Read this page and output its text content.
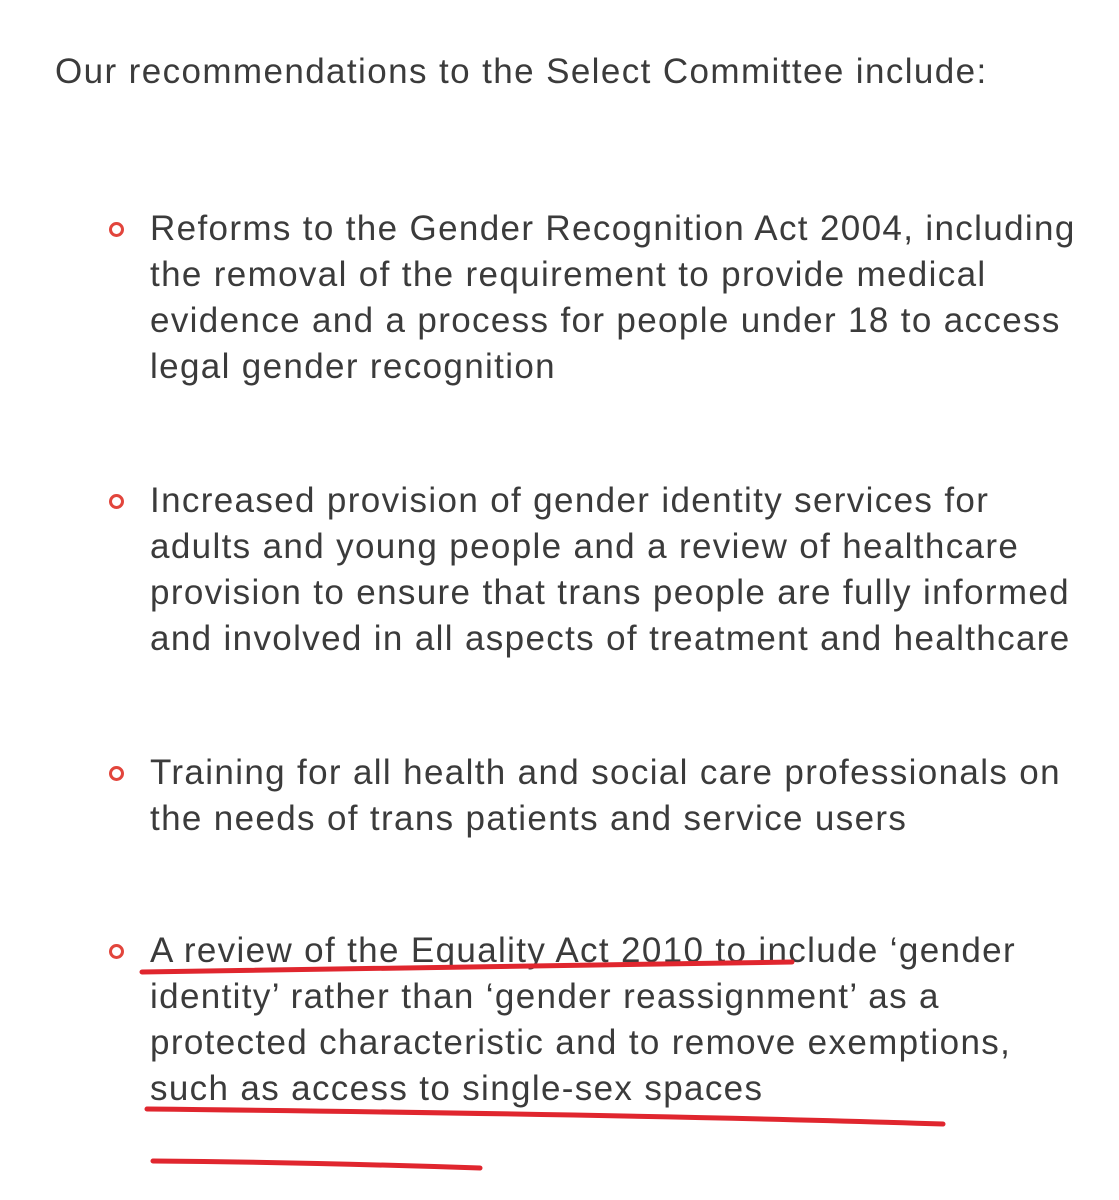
Our recommendations to the Select Committee include:

Reforms to the Gender Recognition Act 2004, including the removal of the requirement to provide medical evidence and a process for people under 18 to access legal gender recognition
Increased provision of gender identity services for adults and young people and a review of healthcare provision to ensure that trans people are fully informed and involved in all aspects of treatment and healthcare
Training for all health and social care professionals on the needs of trans patients and service users
A review of the Equality Act 2010 to include ‘gender identity’ rather than ‘gender reassignment’ as a protected characteristic and to remove exemptions, such as access to single-sex spaces
